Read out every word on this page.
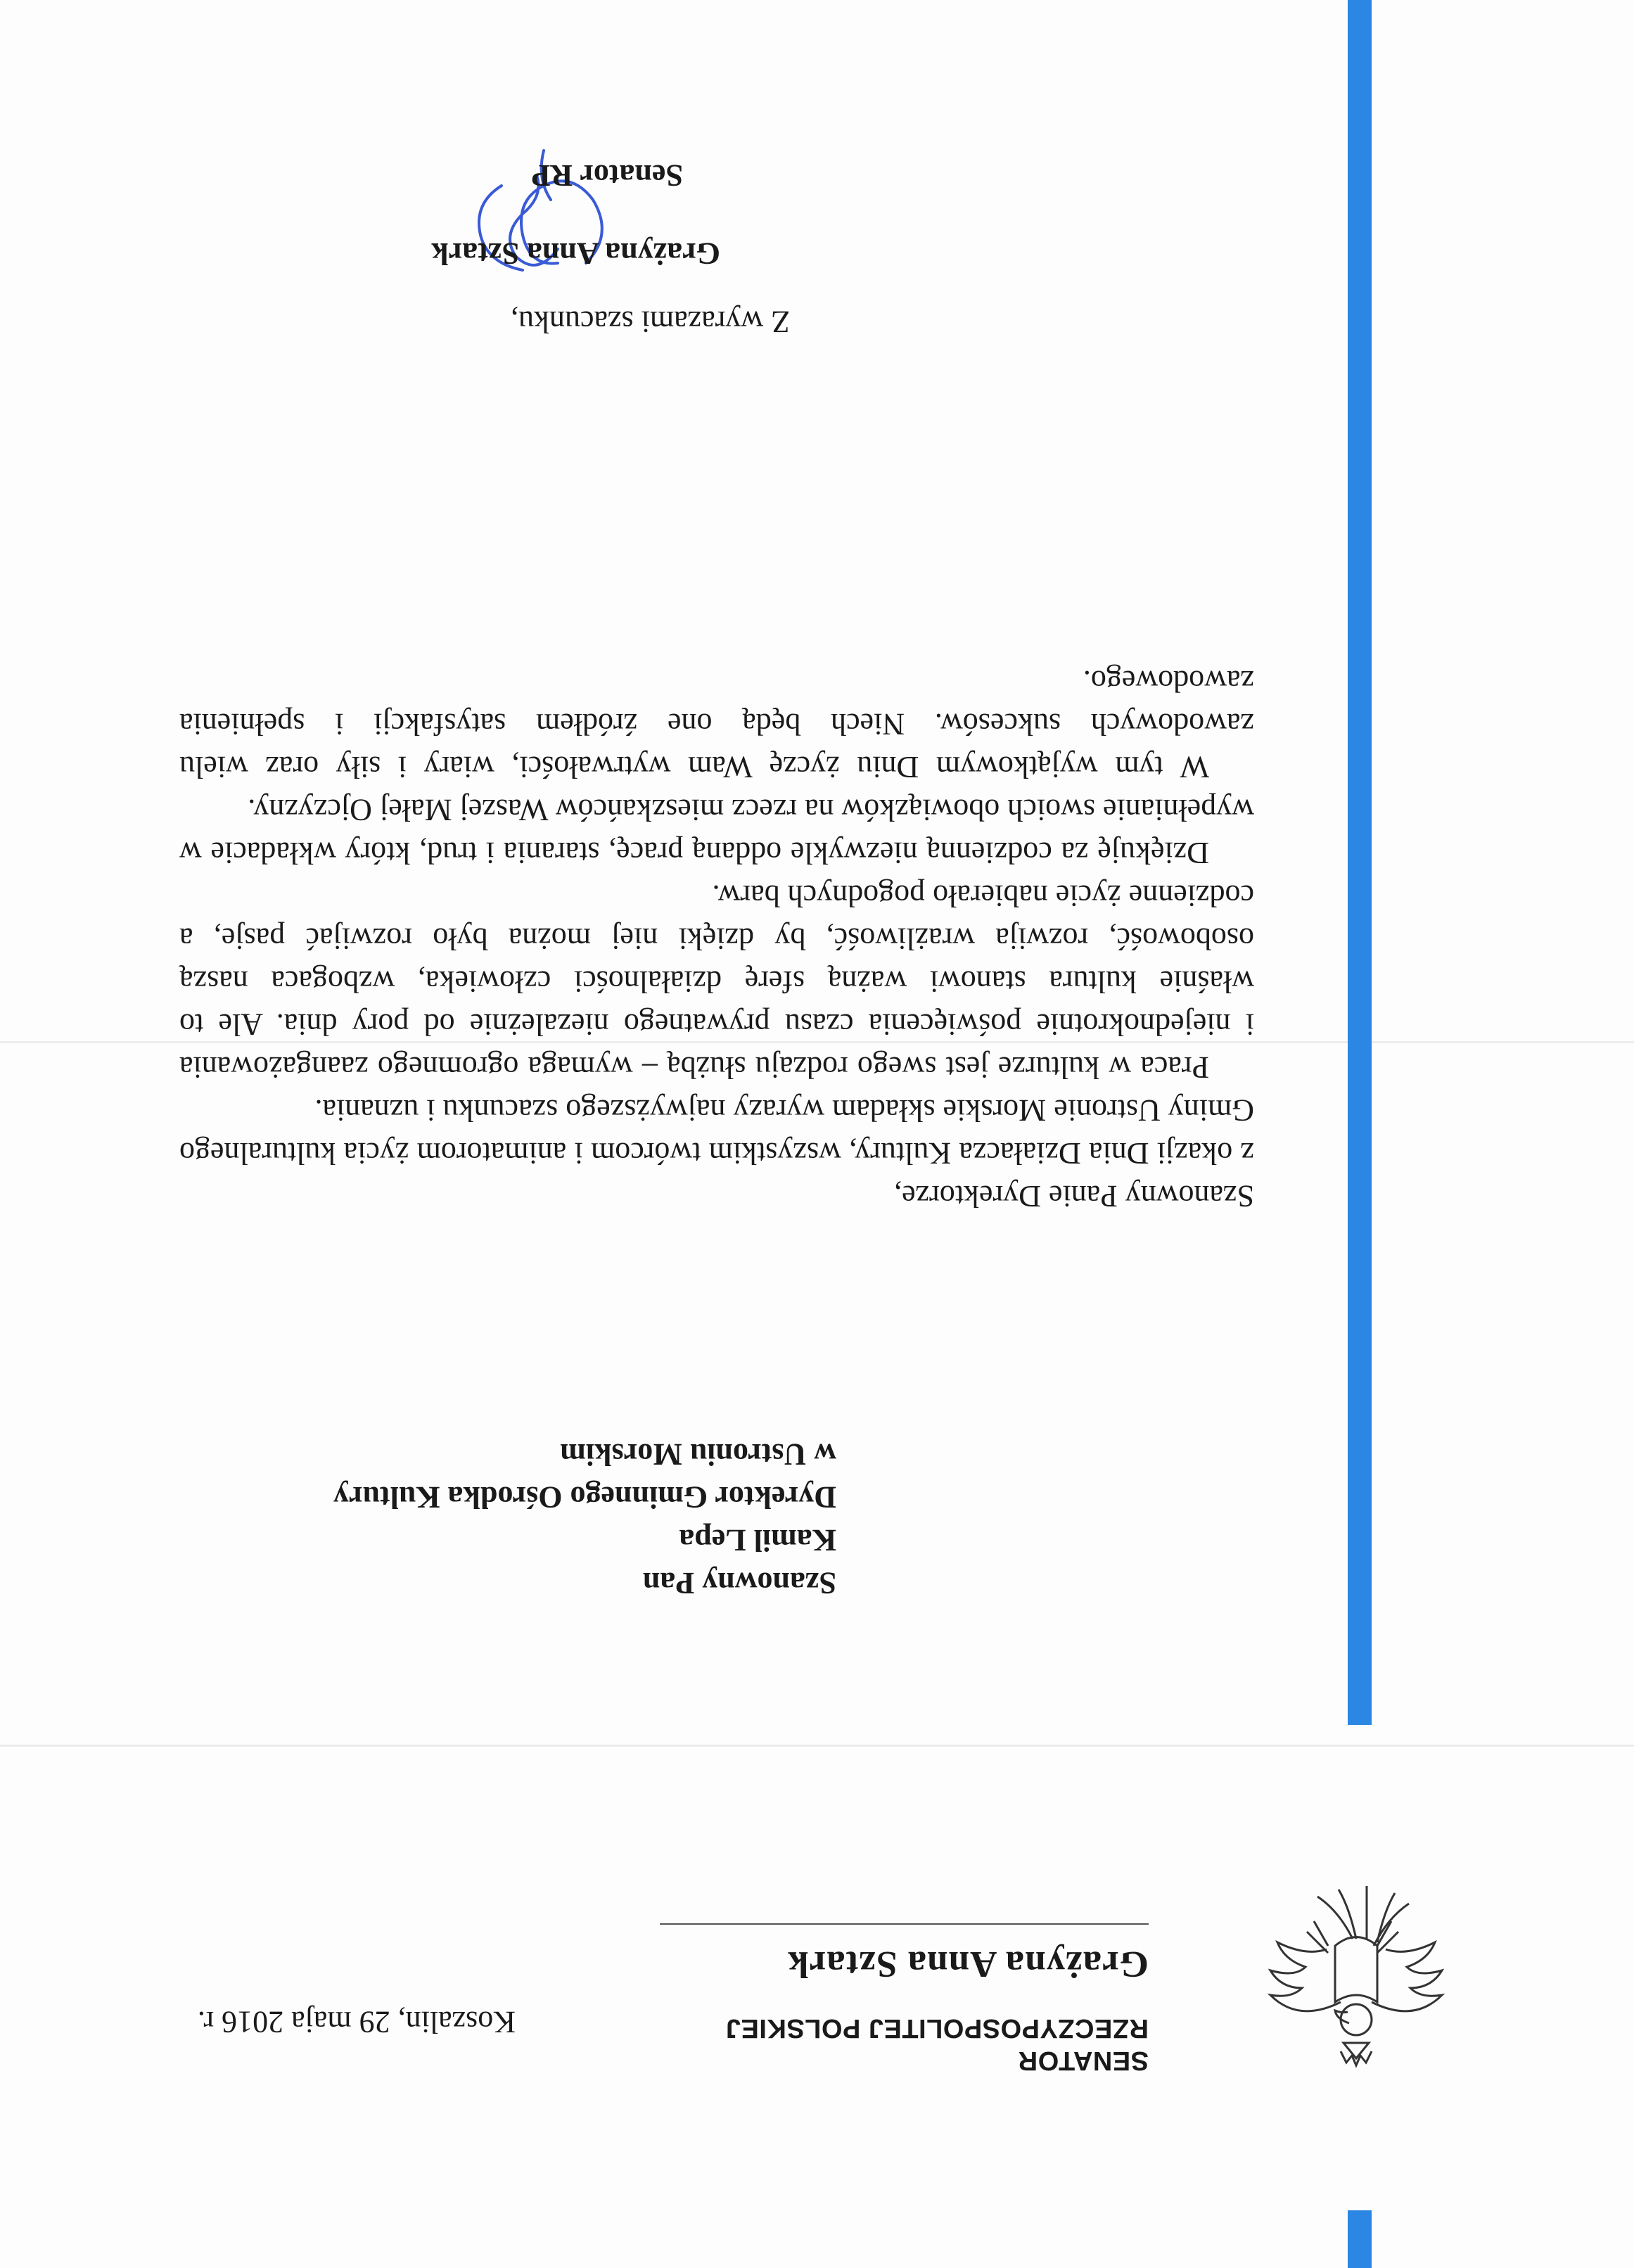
SENATOR
RZECZYPOSPOLITEJ POLSKIEJ
Grażyna Anna Sztark
Koszalin, 29 maja 2016 r.
Szanowny Pan
Kamil Lepa
Dyrektor Gminnego Ośrodka Kultury
w Ustroniu Morskim

Szanowny Panie Dyrektorze,

z okazji Dnia Działacza Kultury, wszystkim twórcom i animatorom życia kulturalnego Gminy Ustronie Morskie składam wyrazy najwyższego szacunku i uznania.

Praca w kulturze jest swego rodzaju służbą – wymaga ogromnego zaangażowania i niejednokrotnie poświęcenia czasu prywatnego niezależnie od pory dnia. Ale to właśnie kultura stanowi ważną sferę działalności człowieka, wzbogaca naszą osobowość, rozwija wrażliwość, by dzięki niej można było rozwijać pasje, a codzienne życie nabierało pogodnych barw.

Dziękuję za codzienną niezwykle oddaną pracę, starania i trud, który wkładacie w wypełnianie swoich obowiązków na rzecz mieszkańców Waszej Małej Ojczyzny.

W tym wyjątkowym Dniu życzę Wam wytrwałości, wiary i siły oraz wielu zawodowych sukcesów. Niech będą one źródłem satysfakcji i spełnienia zawodowego.

Z wyrazami szacunku,
Grażyna Anna Sztark
Senator RP
